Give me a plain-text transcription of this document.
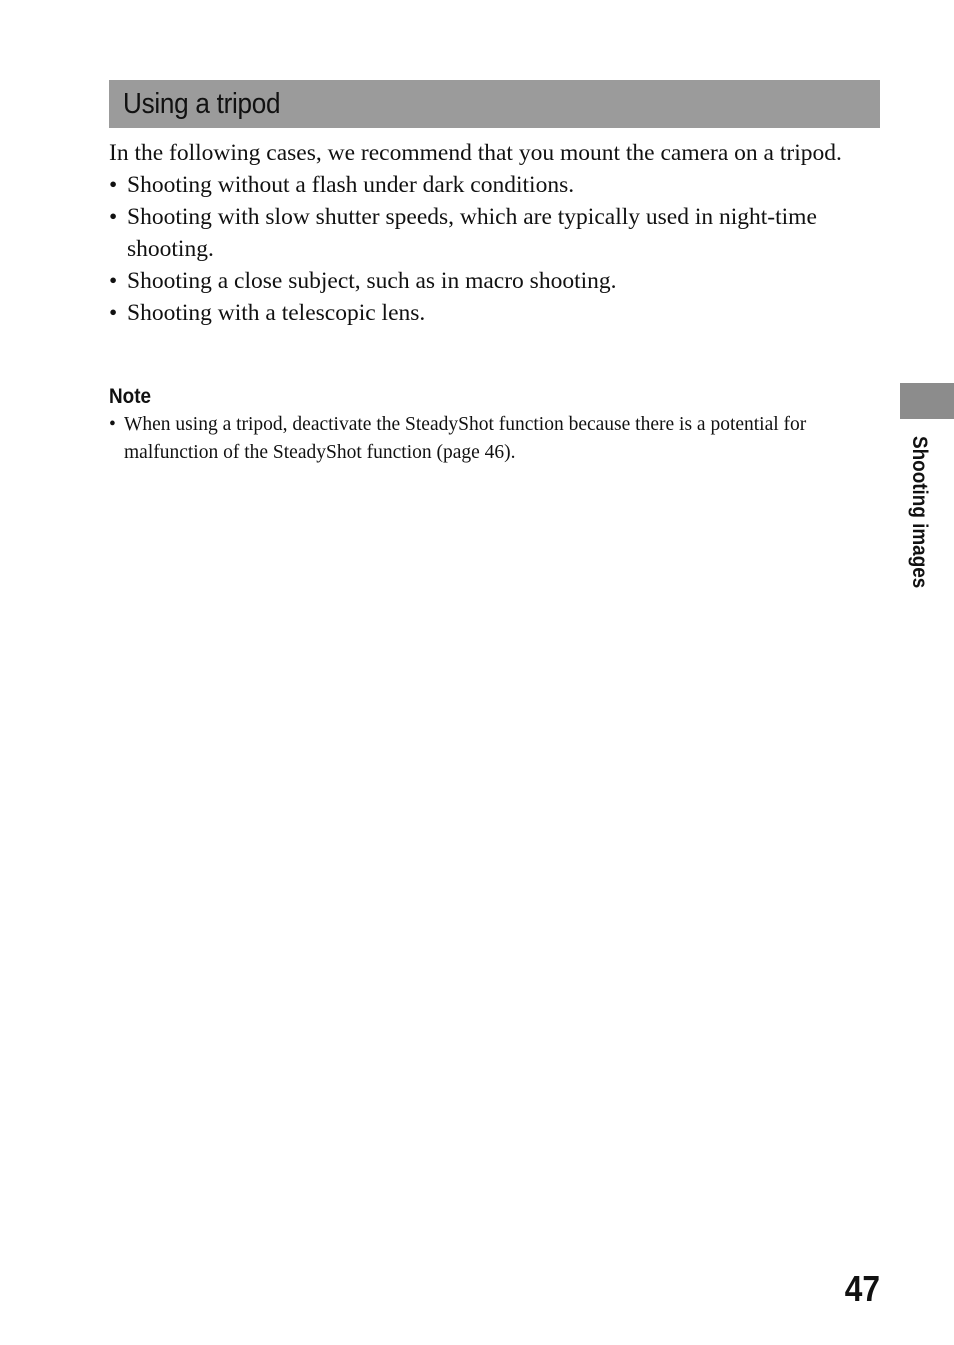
Using a tripod

In the following cases, we recommend that you mount the camera on a tripod.

• Shooting without a flash under dark conditions.
• Shooting with slow shutter speeds, which are typically used in night-time shooting.
• Shooting a close subject, such as in macro shooting.
• Shooting with a telescopic lens.

Note

• When using a tripod, deactivate the SteadyShot function because there is a potential for malfunction of the SteadyShot function (page 46).	Shooting images
47
